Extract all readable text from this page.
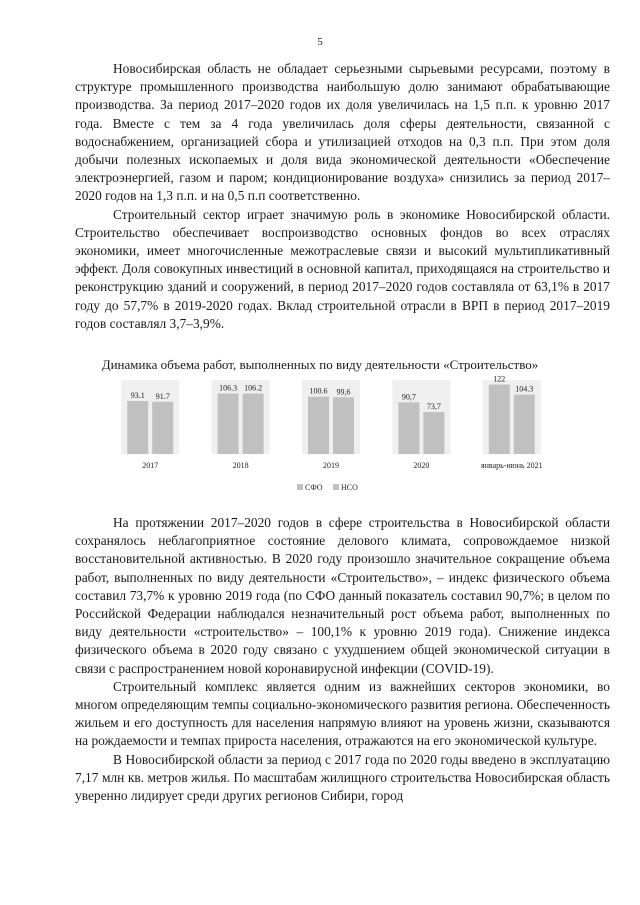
5

Новосибирская область не обладает серьезными сырьевыми ресурсами, поэтому в структуре промышленного производства наибольшую долю занимают обрабатывающие производства. За период 2017–2020 годов их доля увеличилась на 1,5 п.п. к уровню 2017 года. Вместе с тем за 4 года увеличилась доля сферы деятельности, связанной с водоснабжением, организацией сбора и утилизацией отходов на 0,3 п.п. При этом доля добычи полезных ископаемых и доля вида экономической деятельности «Обеспечение электроэнергией, газом и паром; кондиционирование воздуха» снизились за период 2017–2020 годов на 1,3 п.п. и на 0,5 п.п соответственно.

Строительный сектор играет значимую роль в экономике Новосибирской области. Строительство обеспечивает воспроизводство основных фондов во всех отраслях экономики, имеет многочисленные межотраслевые связи и высокий мультипликативный эффект. Доля совокупных инвестиций в основной капитал, приходящаяся на строительство и реконструкцию зданий и сооружений, в период 2017–2020 годов составляла от 63,1% в 2017 году до 57,7% в 2019-2020 годах. Вклад строительной отрасли в ВРП в период 2017–2019 годов составлял 3,7–3,9%.

Динамика объема работ, выполненных по виду деятельности «Строительство»
93.1 91.7
2017
106.3 106.2
2018
100.6 99,6
2019
90,7
73,7
2020
122
104.3
январь-июнь 2021
СФО НСО

На протяжении 2017–2020 годов в сфере строительства в Новосибирской области сохранялось неблагоприятное состояние делового климата, сопровождаемое низкой восстановительной активностью. В 2020 году произошло значительное сокращение объема работ, выполненных по виду деятельности «Строительство», – индекс физического объема составил 73,7% к уровню 2019 года (по СФО данный показатель составил 90,7%; в целом по Российской Федерации наблюдался незначительный рост объема работ, выполненных по виду деятельности «строительство» – 100,1% к уровню 2019 года). Снижение индекса физического объема в 2020 году связано с ухудшением общей экономической ситуации в связи с распространением новой коронавирусной инфекции (COVID-19).

Строительный комплекс является одним из важнейших секторов экономики, во многом определяющим темпы социально-экономического развития региона. Обеспеченность жильем и его доступность для населения напрямую влияют на уровень жизни, сказываются на рождаемости и темпах прироста населения, отражаются на его экономической культуре.

В Новосибирской области за период с 2017 года по 2020 годы введено в эксплуатацию 7,17 млн кв. метров жилья. По масштабам жилищного строительства Новосибирская область уверенно лидирует среди других регионов Сибири, город
